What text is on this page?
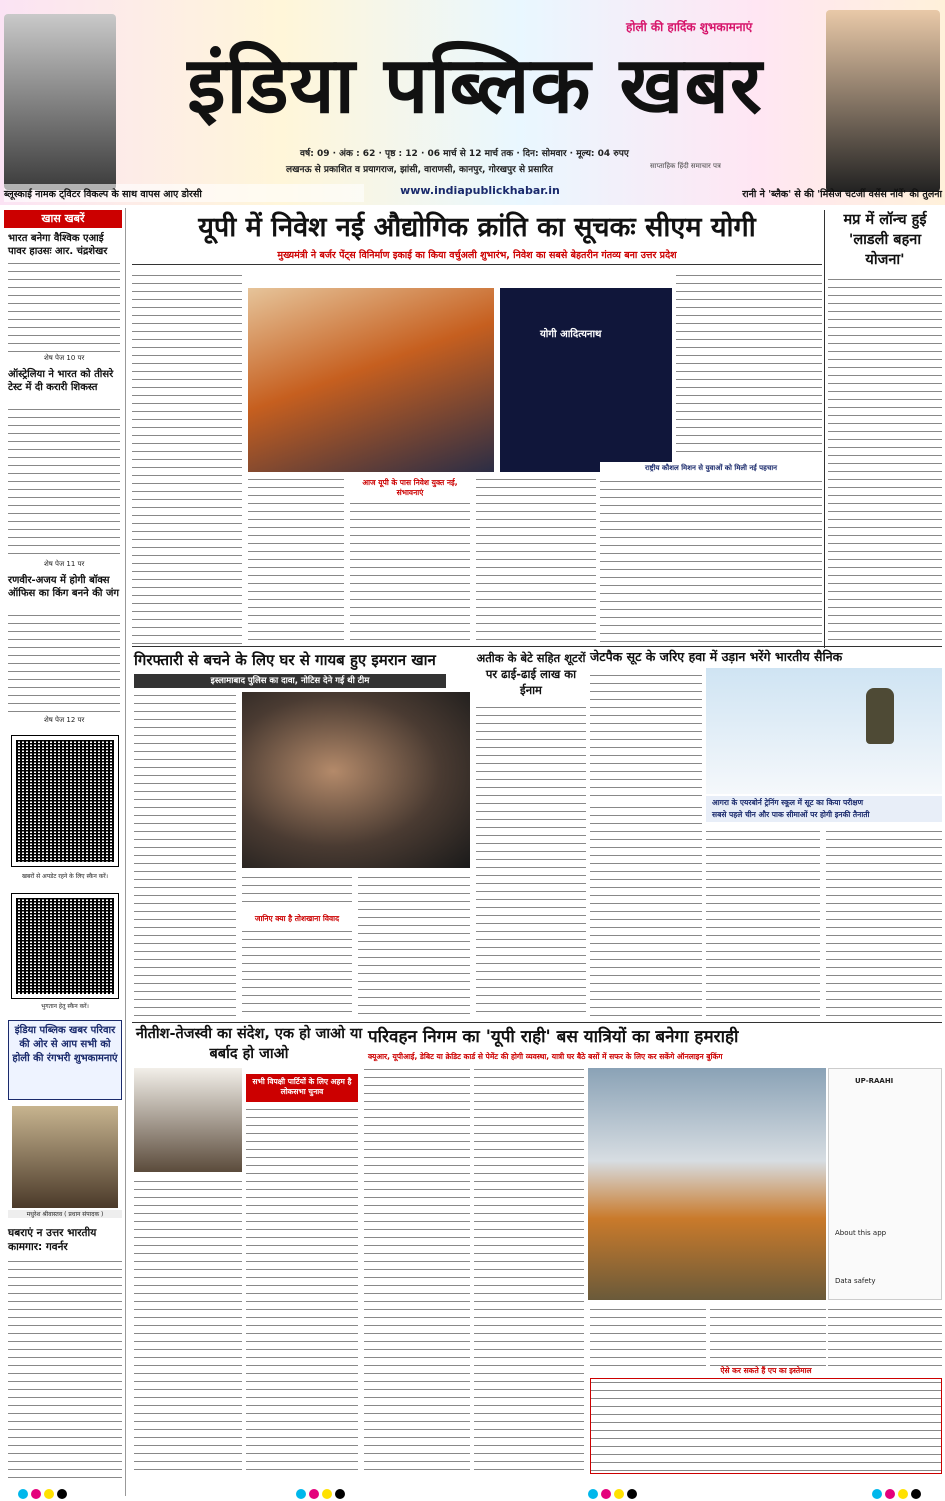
होली की हार्दिक शुभकामनाएं
इंडिया पब्लिक खबर
वर्ष: 09 · अंक : 62 · पृष्ठ : 12 · 06 मार्च से 12 मार्च तक · दिन: सोमवार · मूल्य: 04 रुपए
लखनऊ से प्रकाशित व प्रयागराज, झांसी, वाराणसी, कानपुर, गोरखपुर से प्रसारित	साप्ताहिक हिंदी समाचार पत्र
ब्लूस्काई नामक ट्विटर विकल्प के साथ वापस आए डोरसी	www.indiapublickhabar.in	रानी ने 'ब्लैक' से की 'मिसेज चटर्जी वर्सेस नॉर्वे' की तुलना
खास खबरें
भारत बनेगा वैश्विक एआई पावर हाउसः आर. चंद्रशेखर
शेष पेज 10 पर
ऑस्ट्रेलिया ने भारत को तीसरे टेस्ट में दी करारी शिकस्त
शेष पेज 11 पर
रणवीर-अजय में होगी बॉक्स ऑफिस का किंग बनने की जंग
शेष पेज 12 पर
खबरों से अपडेट रहने के लिए स्कैन करें।
भुगतान हेतु स्कैन करें।
इंडिया पब्लिक खबर परिवार की ओर से आप सभी को होली की रंगभरी शुभकामनाएं
मधुरेश श्रीवास्तव ( प्रधान संपादक )
घबराएं न उत्तर भारतीय कामगार: गवर्नर
यूपी में निवेश नई औद्योगिक क्रांति का सूचकः सीएम योगी
मुख्यमंत्री ने बर्जर पेंट्स विनिर्माण इकाई का किया वर्चुअली शुभारंभ, निवेश का सबसे बेहतरीन गंतव्य बना उत्तर प्रदेश
योगी आदित्यनाथ
आज यूपी के पास निवेश युक्त नई, संभावनाएं
राष्ट्रीय कौशल मिशन से युवाओं को मिली नई पहचान
मप्र में लॉन्च हुई 'लाडली बहना योजना'
गिरफ्तारी से बचने के लिए घर से गायब हुए इमरान खान
इस्लामाबाद पुलिस का दावा, नोटिस देने गई थी टीम
जानिए क्या है तोशखाना विवाद
अतीक के बेटे सहित शूटरों पर ढाई-ढाई लाख का ईनाम
जेटपैक सूट के जरिए हवा में उड़ान भरेंगे भारतीय सैनिक
आगरा के एयरबोर्न ट्रेनिंग स्कूल में सूट का किया परीक्षण
सबसे पहले चीन और पाक सीमाओं पर होगी इनकी तैनाती
नीतीश-तेजस्वी का संदेश, एक हो जाओ या बर्बाद हो जाओ
सभी विपक्षी पार्टियों के लिए अहम है लोकसभा चुनाव
परिवहन निगम का 'यूपी राही' बस यात्रियों का बनेगा हमराही
क्यूआर, यूपीआई, डेबिट या क्रेडिट कार्ड से पेमेंट की होगी व्यवस्था, यात्री घर बैठे बसों में सफर के लिए कर सकेंगे ऑनलाइन बुकिंग
UP-RAAHI
About this app
Data safety
ऐसे कर सकते हैं एप का इस्तेमाल
